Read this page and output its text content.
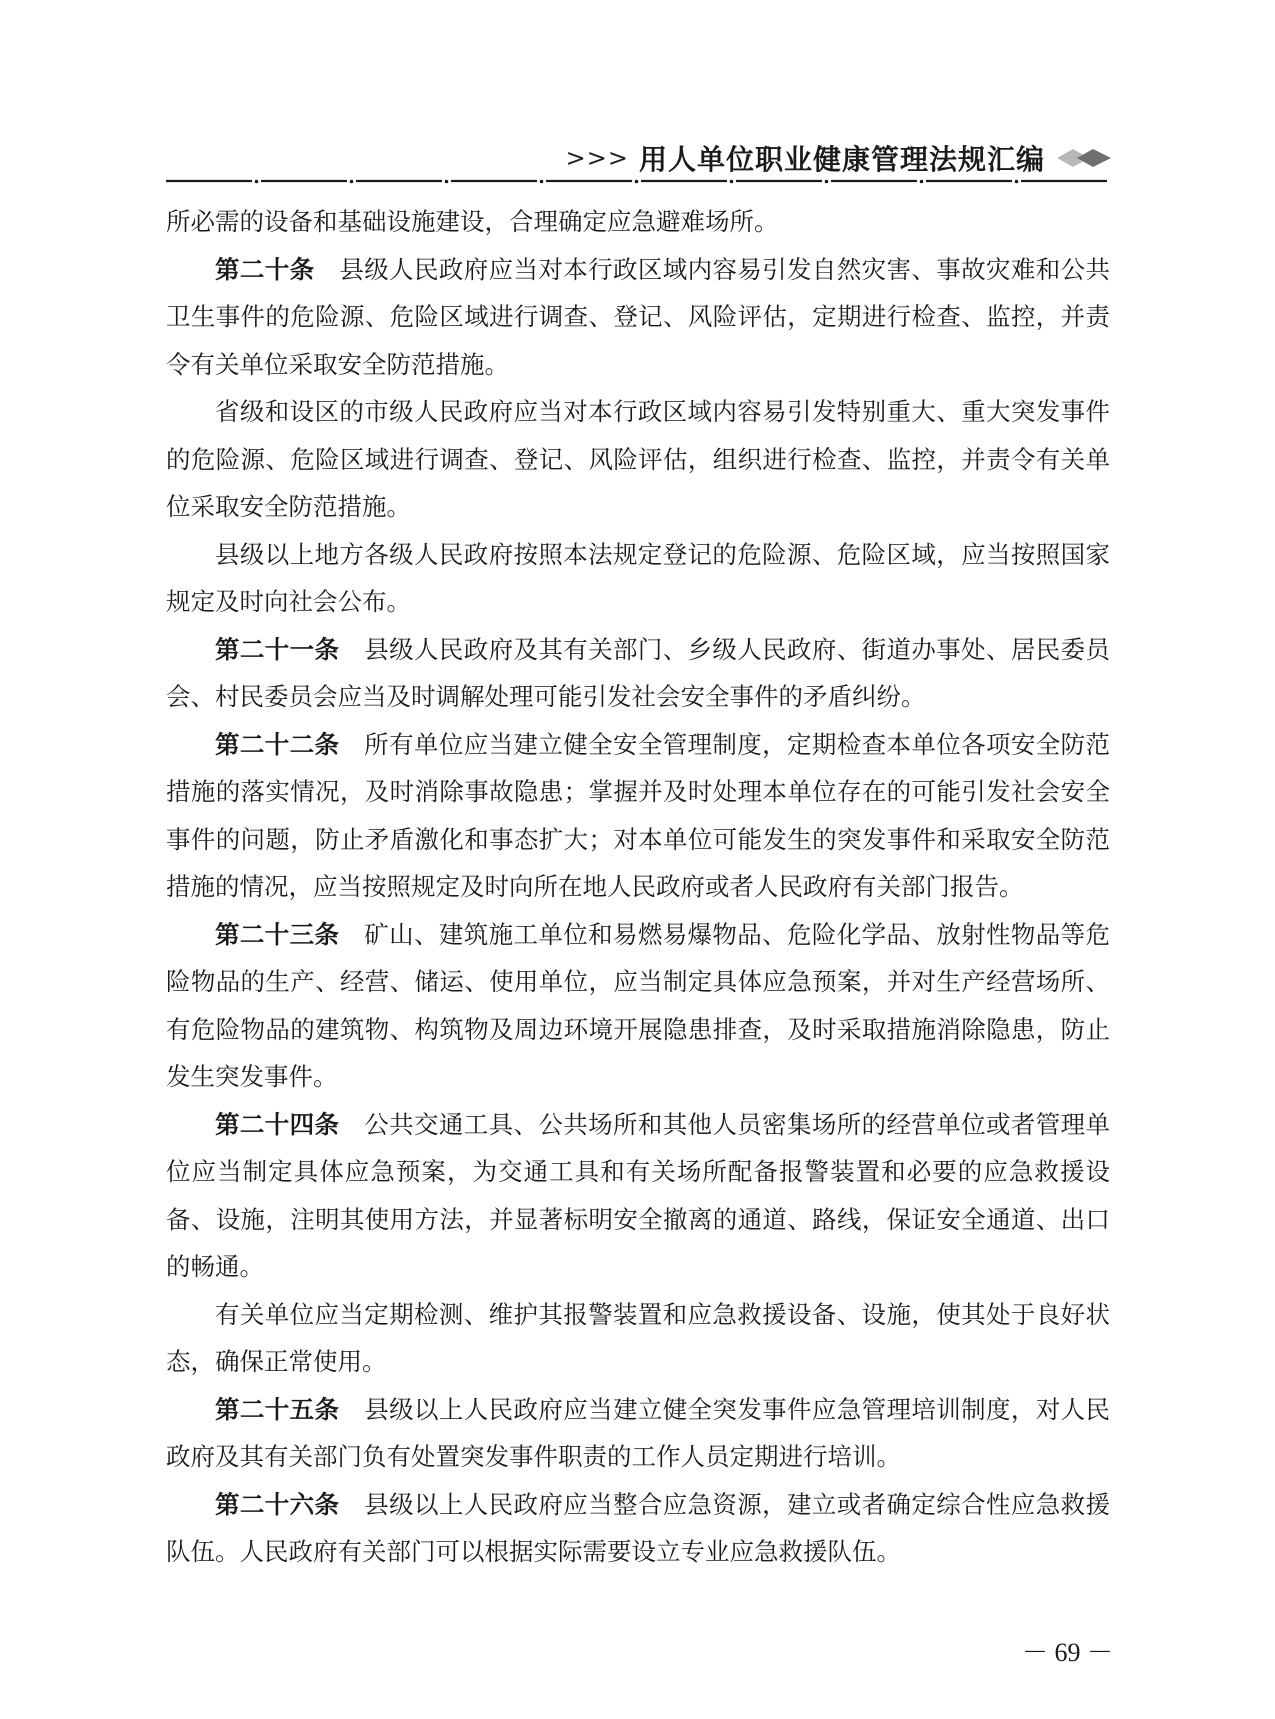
>>> 用人单位职业健康管理法规汇编

所必需的设备和基础设施建设，合理确定应急避难场所。

第二十条　 县级人民政府应当对本行政区域内容易引发自然灾害、事故灾难和公共卫生事件的危险源、危险区域进行调查、登记、风险评估，定期进行检查、监控，并责令有关单位采取安全防范措施。

省级和设区的市级人民政府应当对本行政区域内容易引发特别重大、重大突发事件的危险源、危险区域进行调查、登记、风险评估，组织进行检查、监控，并责令有关单位采取安全防范措施。

县级以上地方各级人民政府按照本法规定登记的危险源、危险区域，应当按照国家规定及时向社会公布。

第二十一条　 县级人民政府及其有关部门、乡级人民政府、街道办事处、居民委员会、村民委员会应当及时调解处理可能引发社会安全事件的矛盾纠纷。

第二十二条　 所有单位应当建立健全安全管理制度，定期检查本单位各项安全防范措施的落实情况，及时消除事故隐患；掌握并及时处理本单位存在的可能引发社会安全事件的问题，防止矛盾激化和事态扩大；对本单位可能发生的突发事件和采取安全防范措施的情况，应当按照规定及时向所在地人民政府或者人民政府有关部门报告。

第二十三条　 矿山、建筑施工单位和易燃易爆物品、危险化学品、放射性物品等危险物品的生产、经营、储运、使用单位，应当制定具体应急预案，并对生产经营场所、有危险物品的建筑物、构筑物及周边环境开展隐患排查，及时采取措施消除隐患，防止发生突发事件。

第二十四条　 公共交通工具、公共场所和其他人员密集场所的经营单位或者管理单位应当制定具体应急预案，为交通工具和有关场所配备报警装置和必要的应急救援设备、设施，注明其使用方法，并显著标明安全撤离的通道、路线，保证安全通道、出口的畅通。

有关单位应当定期检测、维护其报警装置和应急救援设备、设施，使其处于良好状态，确保正常使用。

第二十五条　 县级以上人民政府应当建立健全突发事件应急管理培训制度，对人民政府及其有关部门负有处置突发事件职责的工作人员定期进行培训。

第二十六条　 县级以上人民政府应当整合应急资源，建立或者确定综合性应急救援队伍。人民政府有关部门可以根据实际需要设立专业应急救援队伍。

－ 69 －
